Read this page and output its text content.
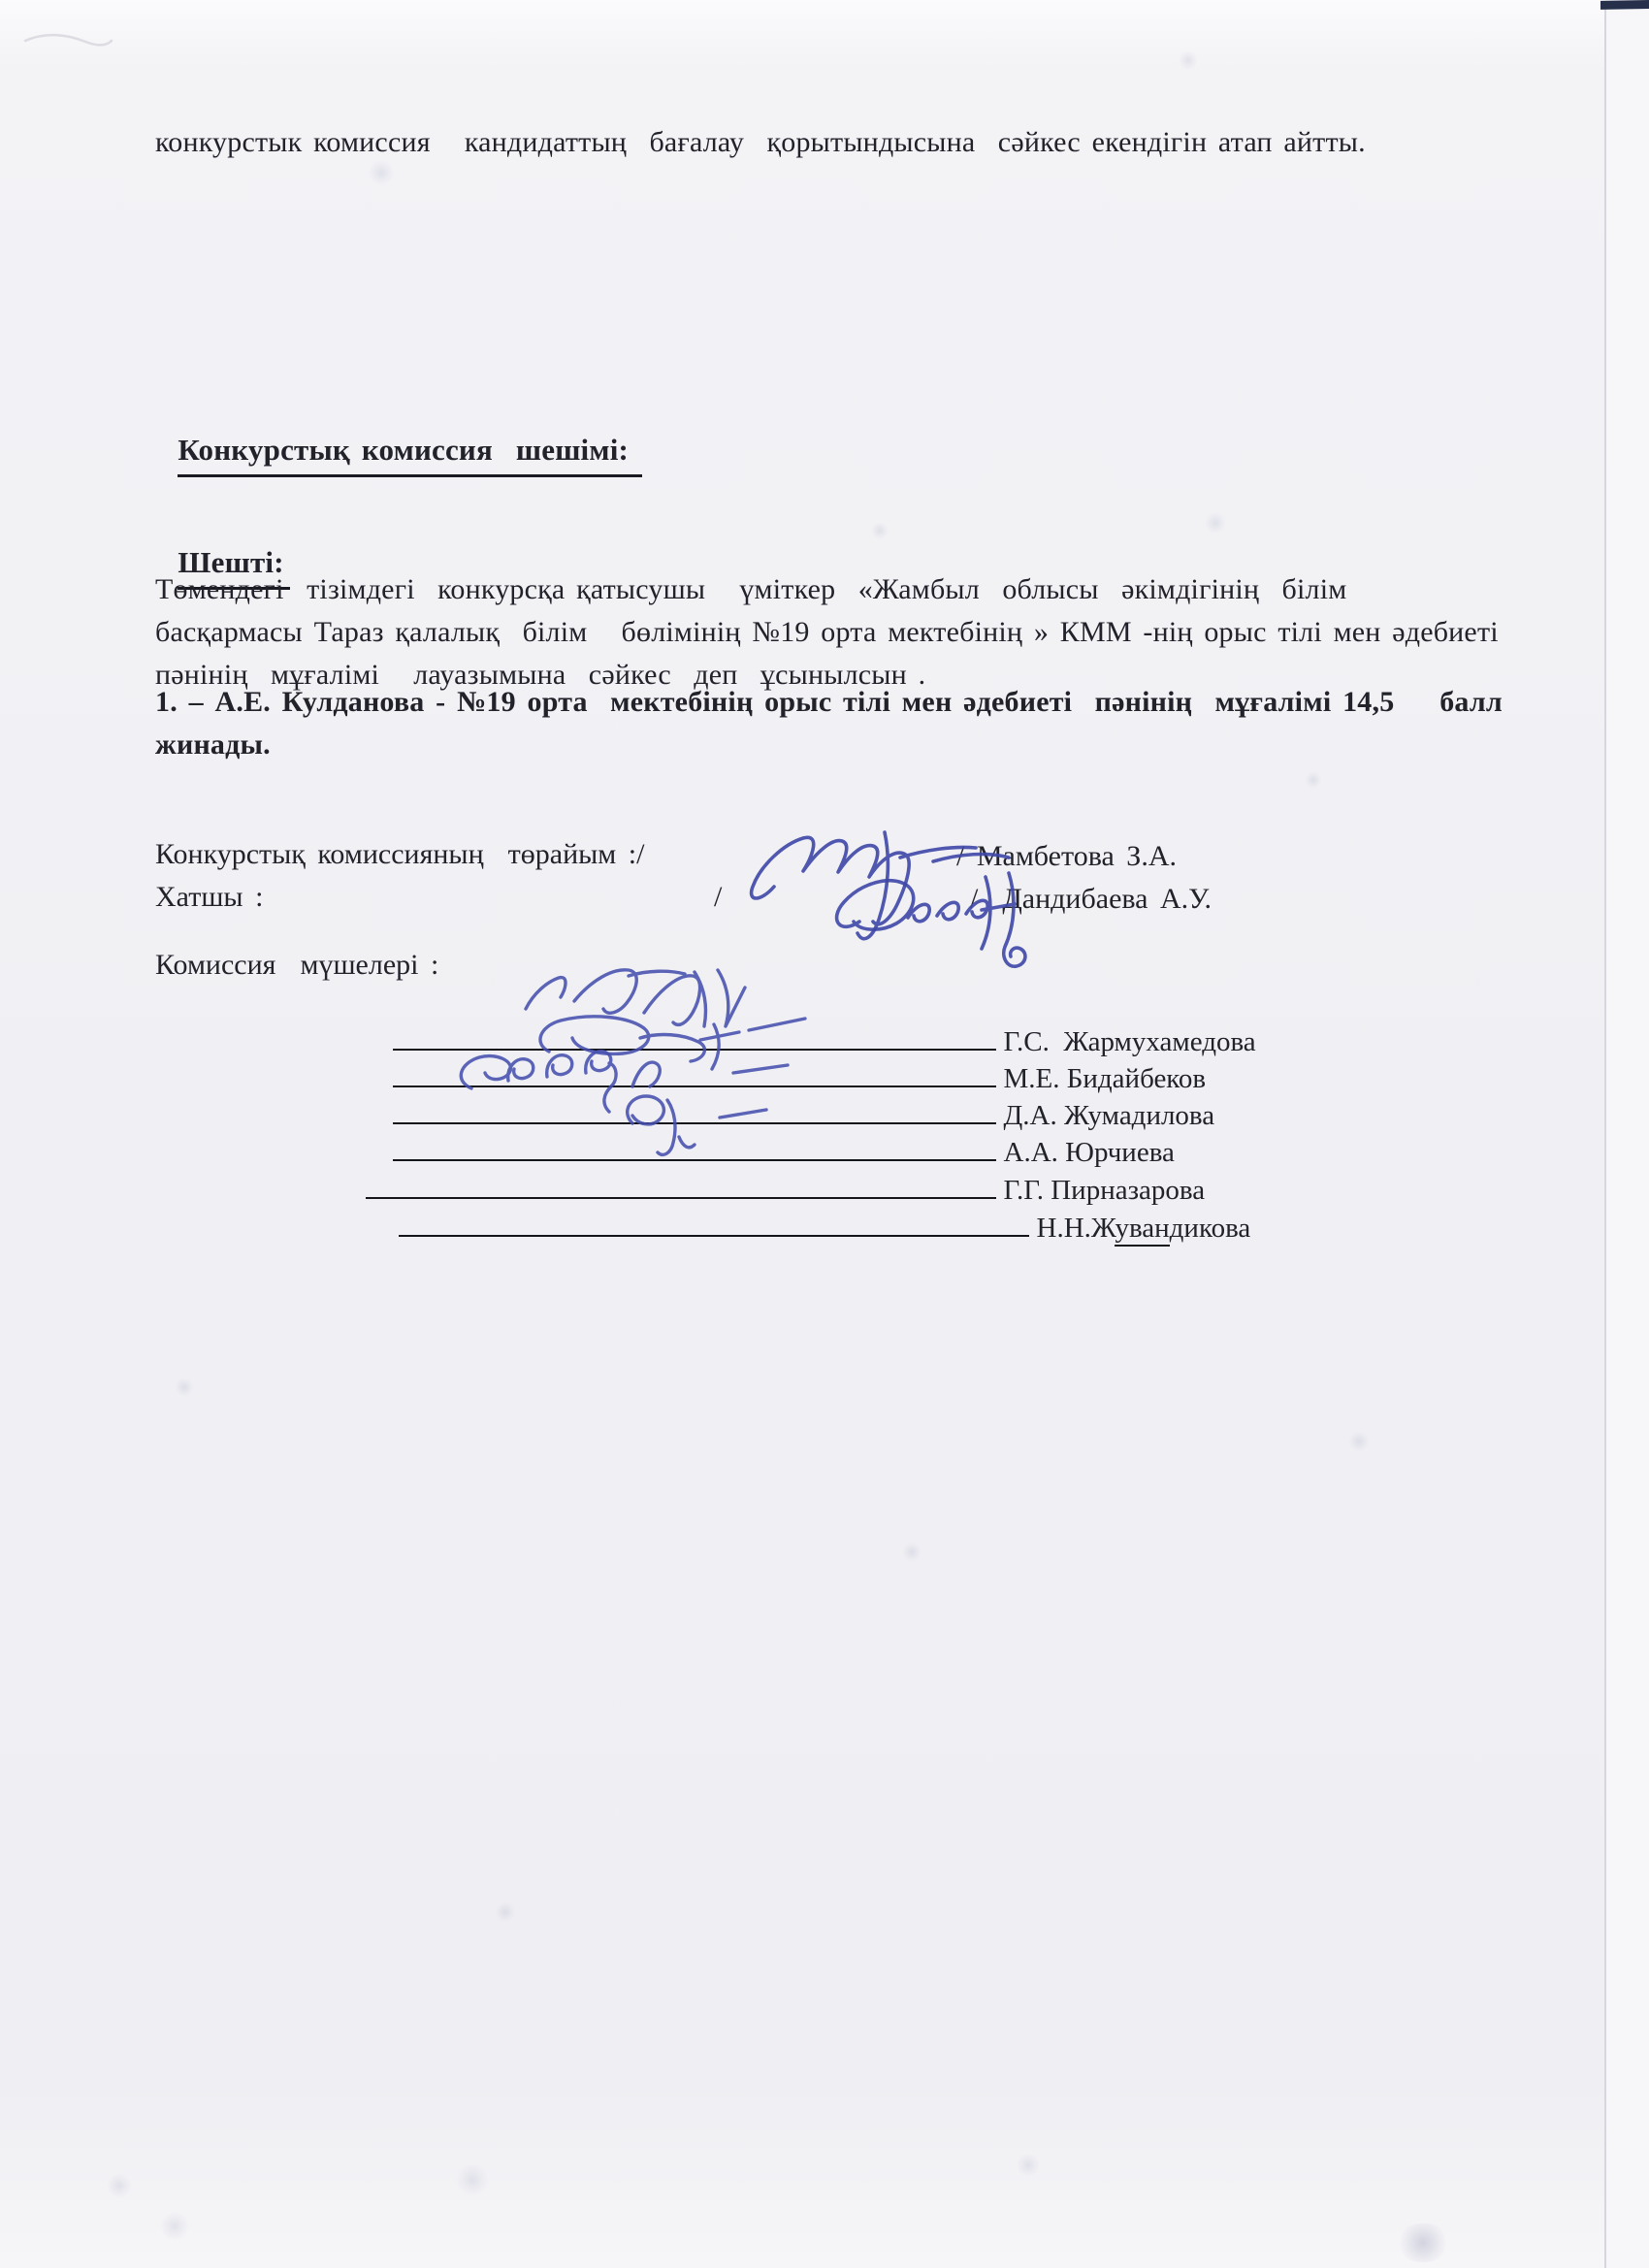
конкурстык комиссия   кандидаттың  бағалау  қорытындысына  сәйкес екендігін атап айтты.

Конкурстық комиссия  шешімі:

Шешті:

Төмендегі  тізімдегі  конкурсқа қатысушы   үміткер  «Жамбыл  облысы  әкімдігінің  білім басқармасы Тараз қалалық  білім   бөлімінің №19 орта мектебінің » КММ -нің орыс тілі мен әдебиеті пәнінің  мұғалімі   лауазымына  сәйкес  деп  ұсынылсын .
1. – А.Е. Кулданова - №19 орта  мектебінің орыс тілі мен әдебиеті  пәнінің  мұғалімі 14,5    балл жинады.
Конкурстық комиссияның  төрайым :/	/ Мамбетова З.А.
Хатшы :	/	/  Дандибаева А.У.
Комиссия  мүшелері :

Г.С.  Жармухамедова

М.Е. Бидайбеков

Д.А. Жумадилова

А.А. Юрчиева

Г.Г. Пирназарова

Н.Н.Жувандикова
